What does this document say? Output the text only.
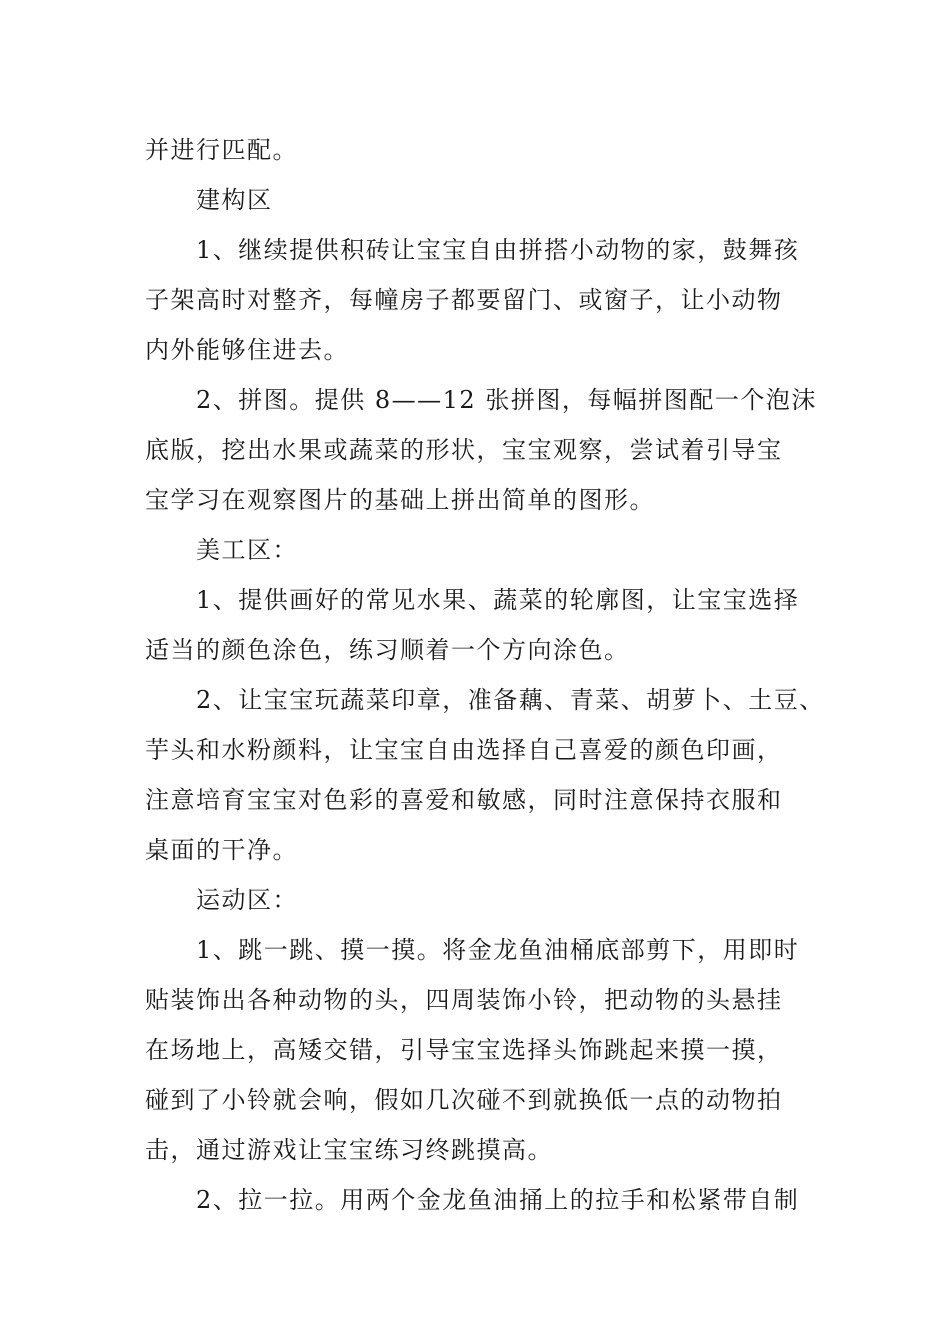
并进行匹配。
建构区
1、继续提供积砖让宝宝自由拼搭小动物的家，鼓舞孩
子架高时对整齐，每幢房子都要留门、或窗子，让小动物
内外能够住进去。
2、拼图。提供 8——12 张拼图，每幅拼图配一个泡沫
底版，挖出水果或蔬菜的形状，宝宝观察，尝试着引导宝
宝学习在观察图片的基础上拼出简单的图形。
美工区：
1、提供画好的常见水果、蔬菜的轮廓图，让宝宝选择
适当的颜色涂色，练习顺着一个方向涂色。
2、让宝宝玩蔬菜印章，准备藕、青菜、胡萝卜、土豆、
芋头和水粉颜料，让宝宝自由选择自己喜爱的颜色印画，
注意培育宝宝对色彩的喜爱和敏感，同时注意保持衣服和
桌面的干净。
运动区：
1、跳一跳、摸一摸。将金龙鱼油桶底部剪下，用即时
贴装饰出各种动物的头，四周装饰小铃，把动物的头悬挂
在场地上，高矮交错，引导宝宝选择头饰跳起来摸一摸，
碰到了小铃就会响，假如几次碰不到就换低一点的动物拍
击，通过游戏让宝宝练习终跳摸高。
2、拉一拉。用两个金龙鱼油捅上的拉手和松紧带自制
